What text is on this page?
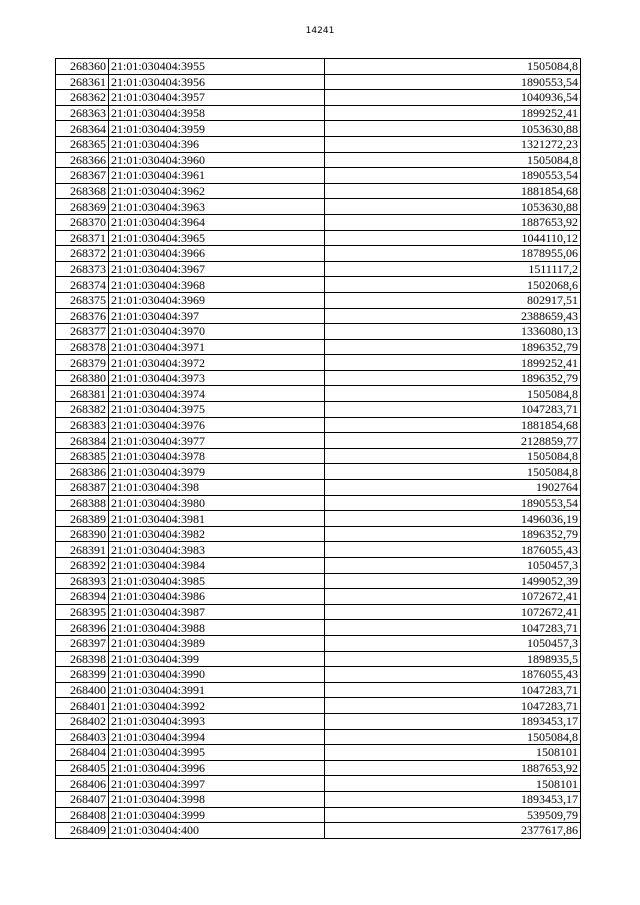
14241
268360	21:01:030404:3955	1505084,8
268361	21:01:030404:3956	1890553,54
268362	21:01:030404:3957	1040936,54
268363	21:01:030404:3958	1899252,41
268364	21:01:030404:3959	1053630,88
268365	21:01:030404:396	1321272,23
268366	21:01:030404:3960	1505084,8
268367	21:01:030404:3961	1890553,54
268368	21:01:030404:3962	1881854,68
268369	21:01:030404:3963	1053630,88
268370	21:01:030404:3964	1887653,92
268371	21:01:030404:3965	1044110,12
268372	21:01:030404:3966	1878955,06
268373	21:01:030404:3967	1511117,2
268374	21:01:030404:3968	1502068,6
268375	21:01:030404:3969	802917,51
268376	21:01:030404:397	2388659,43
268377	21:01:030404:3970	1336080,13
268378	21:01:030404:3971	1896352,79
268379	21:01:030404:3972	1899252,41
268380	21:01:030404:3973	1896352,79
268381	21:01:030404:3974	1505084,8
268382	21:01:030404:3975	1047283,71
268383	21:01:030404:3976	1881854,68
268384	21:01:030404:3977	2128859,77
268385	21:01:030404:3978	1505084,8
268386	21:01:030404:3979	1505084,8
268387	21:01:030404:398	1902764
268388	21:01:030404:3980	1890553,54
268389	21:01:030404:3981	1496036,19
268390	21:01:030404:3982	1896352,79
268391	21:01:030404:3983	1876055,43
268392	21:01:030404:3984	1050457,3
268393	21:01:030404:3985	1499052,39
268394	21:01:030404:3986	1072672,41
268395	21:01:030404:3987	1072672,41
268396	21:01:030404:3988	1047283,71
268397	21:01:030404:3989	1050457,3
268398	21:01:030404:399	1898935,5
268399	21:01:030404:3990	1876055,43
268400	21:01:030404:3991	1047283,71
268401	21:01:030404:3992	1047283,71
268402	21:01:030404:3993	1893453,17
268403	21:01:030404:3994	1505084,8
268404	21:01:030404:3995	1508101
268405	21:01:030404:3996	1887653,92
268406	21:01:030404:3997	1508101
268407	21:01:030404:3998	1893453,17
268408	21:01:030404:3999	539509,79
268409	21:01:030404:400	2377617,86
